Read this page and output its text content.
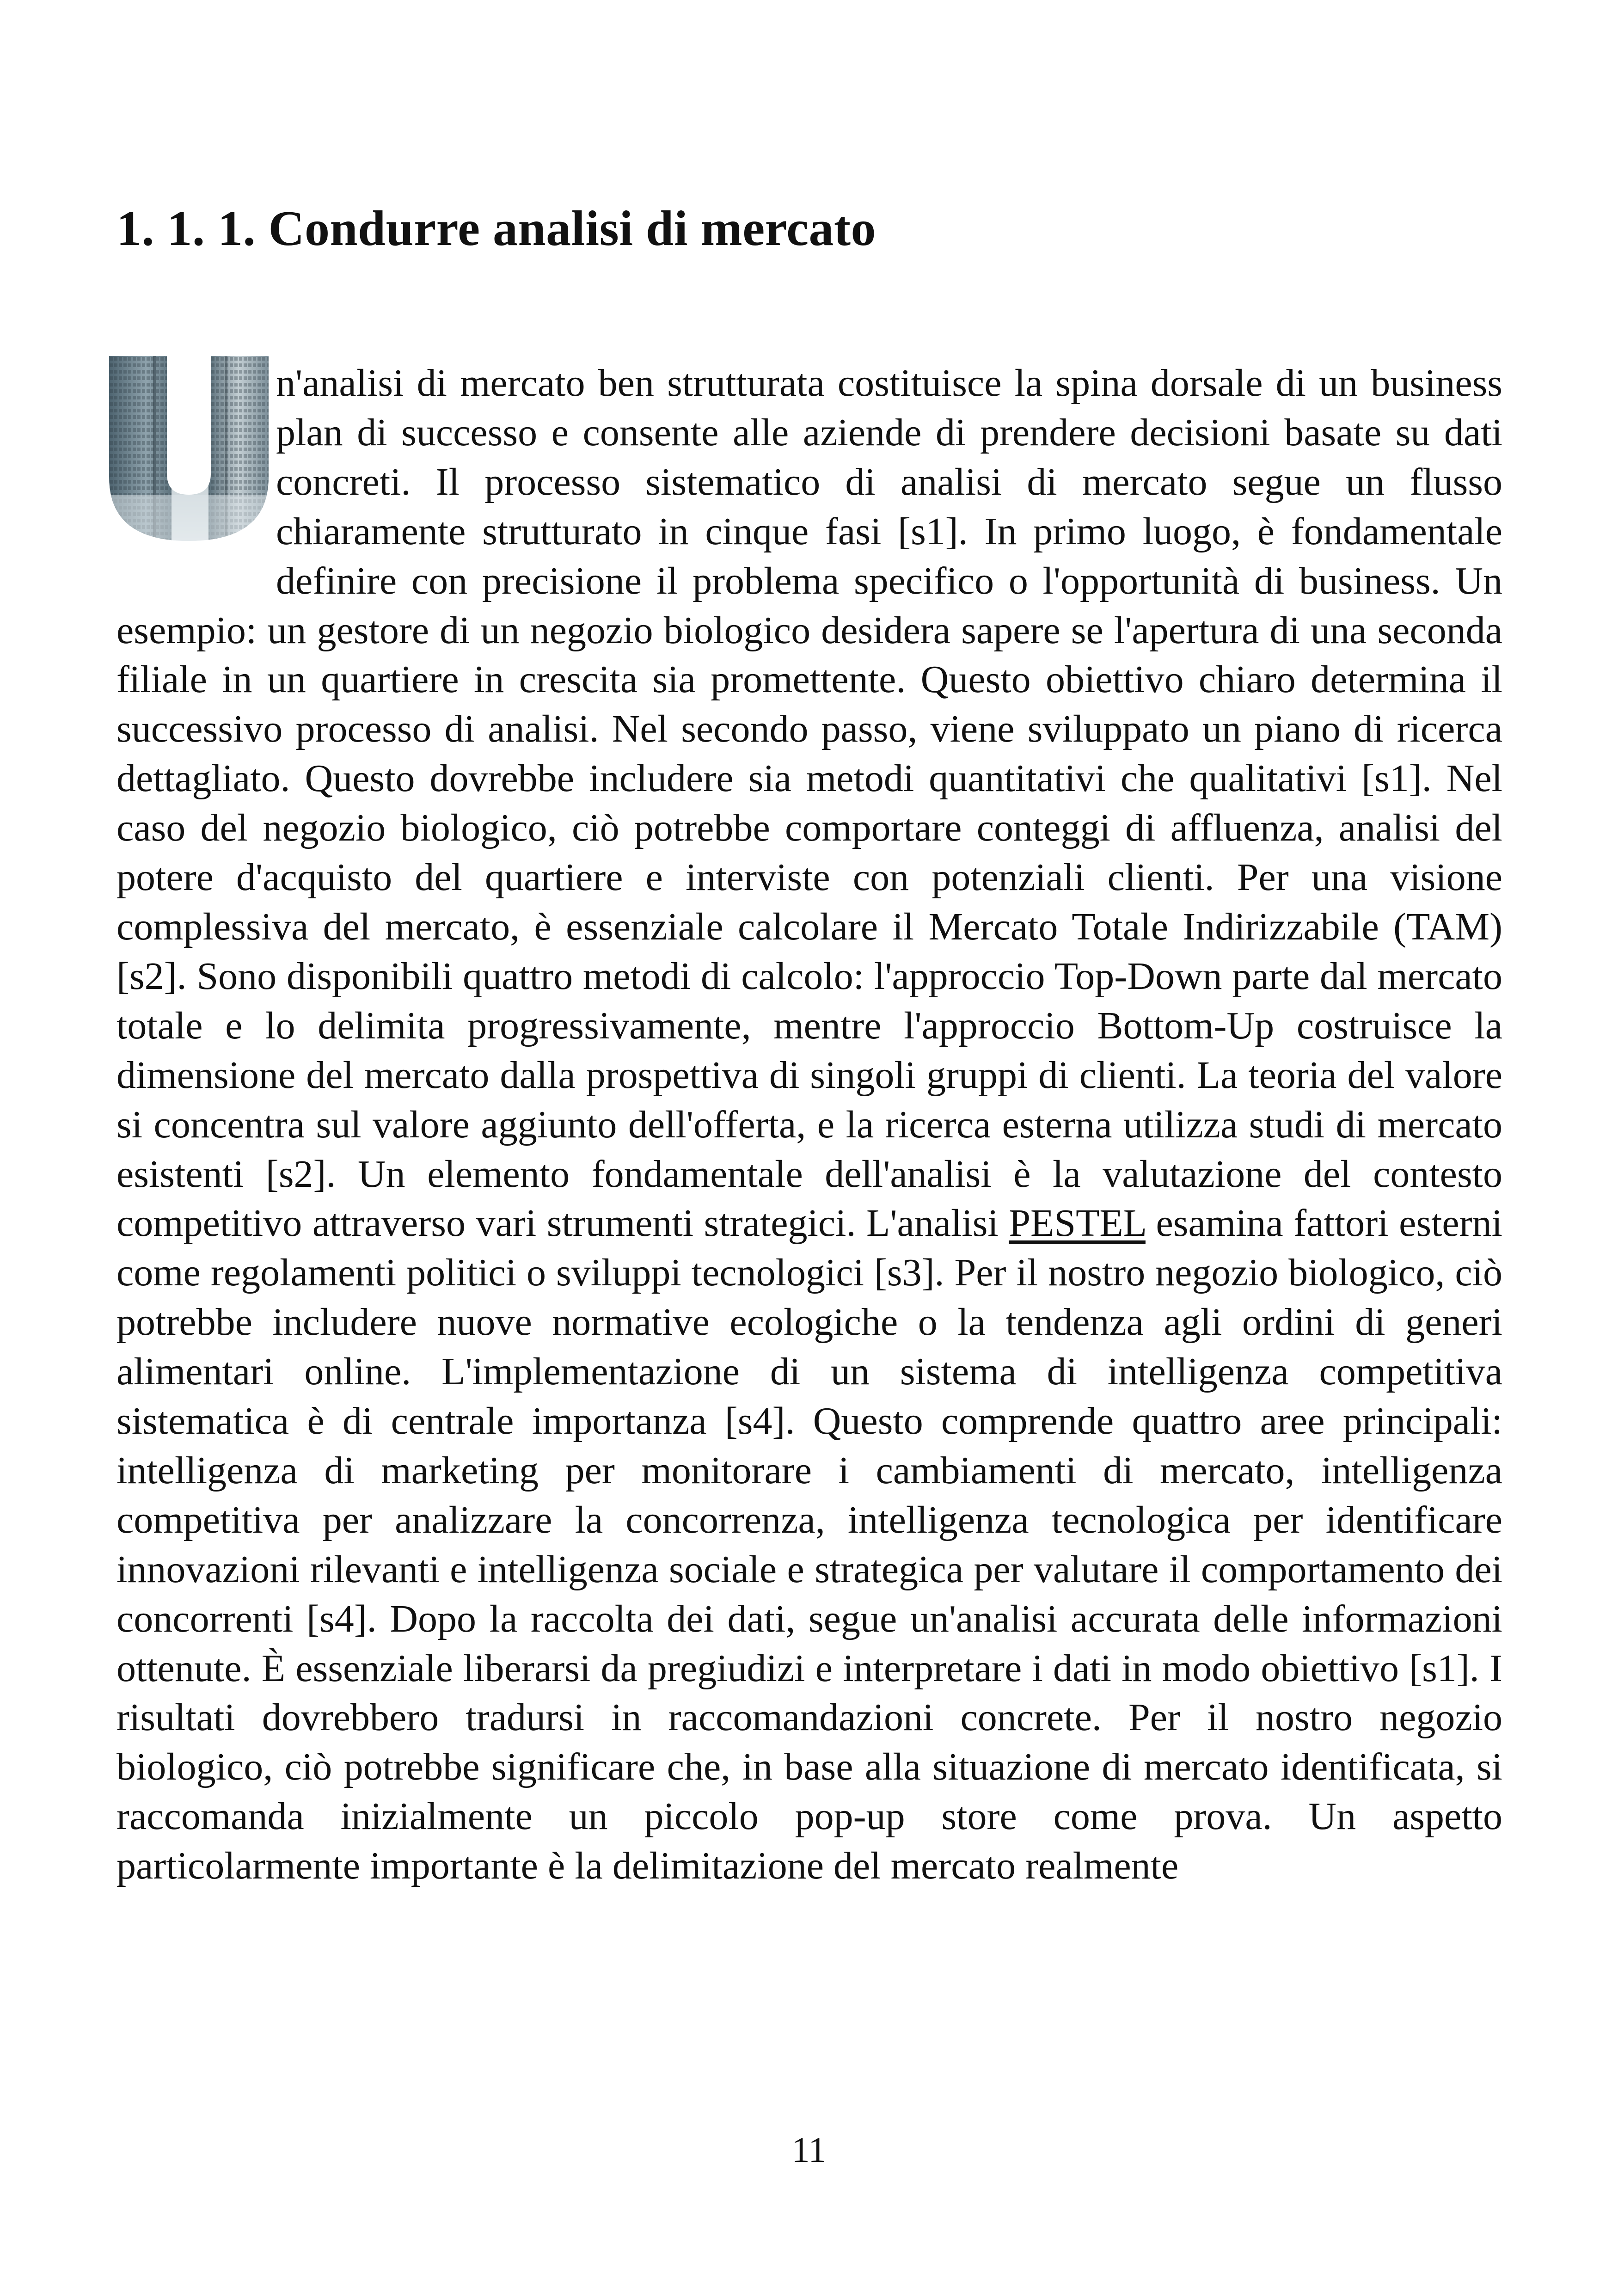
1. 1. 1. Condurre analisi di mercato

n'analisi di mercato ben strutturata costituisce la spina dorsale di un business plan di successo e consente alle aziende di prendere decisioni basate su dati concreti. Il processo sistematico di analisi di mercato segue un flusso chiaramente strutturato in cinque fasi [s1]. In primo luogo, è fondamentale definire con precisione il problema specifico o l'opportunità di business. Un esempio: un gestore di un negozio biologico desidera sapere se l'apertura di una seconda filiale in un quartiere in crescita sia promettente. Questo obiettivo chiaro determina il successivo processo di analisi. Nel secondo passo, viene sviluppato un piano di ricerca dettagliato. Questo dovrebbe includere sia metodi quantitativi che qualitativi [s1]. Nel caso del negozio biologico, ciò potrebbe comportare conteggi di affluenza, analisi del potere d'acquisto del quartiere e interviste con potenziali clienti. Per una visione complessiva del mercato, è essenziale calcolare il Mercato Totale Indirizzabile (TAM) [s2]. Sono disponibili quattro metodi di calcolo: l'approccio Top-Down parte dal mercato totale e lo delimita progressivamente, mentre l'approccio Bottom-Up costruisce la dimensione del mercato dalla prospettiva di singoli gruppi di clienti. La teoria del valore si concentra sul valore aggiunto dell'offerta, e la ricerca esterna utilizza studi di mercato esistenti [s2]. Un elemento fondamentale dell'analisi è la valutazione del contesto competitivo attraverso vari strumenti strategici. L'analisi PESTEL esamina fattori esterni come regolamenti politici o sviluppi tecnologici [s3]. Per il nostro negozio biologico, ciò potrebbe includere nuove normative ecologiche o la tendenza agli ordini di generi alimentari online. L'implementazione di un sistema di intelligenza competitiva sistematica è di centrale importanza [s4]. Questo comprende quattro aree principali: intelligenza di marketing per monitorare i cambiamenti di mercato, intelligenza competitiva per analizzare la concorrenza, intelligenza tecnologica per identificare innovazioni rilevanti e intelligenza sociale e strategica per valutare il comportamento dei concorrenti [s4]. Dopo la raccolta dei dati, segue un'analisi accurata delle informazioni ottenute. È essenziale liberarsi da pregiudizi e interpretare i dati in modo obiettivo [s1]. I risultati dovrebbero tradursi in raccomandazioni concrete. Per il nostro negozio biologico, ciò potrebbe significare che, in base alla situazione di mercato identificata, si raccomanda inizialmente un piccolo pop-up store come prova. Un aspetto particolarmente importante è la delimitazione del mercato realmente

11
